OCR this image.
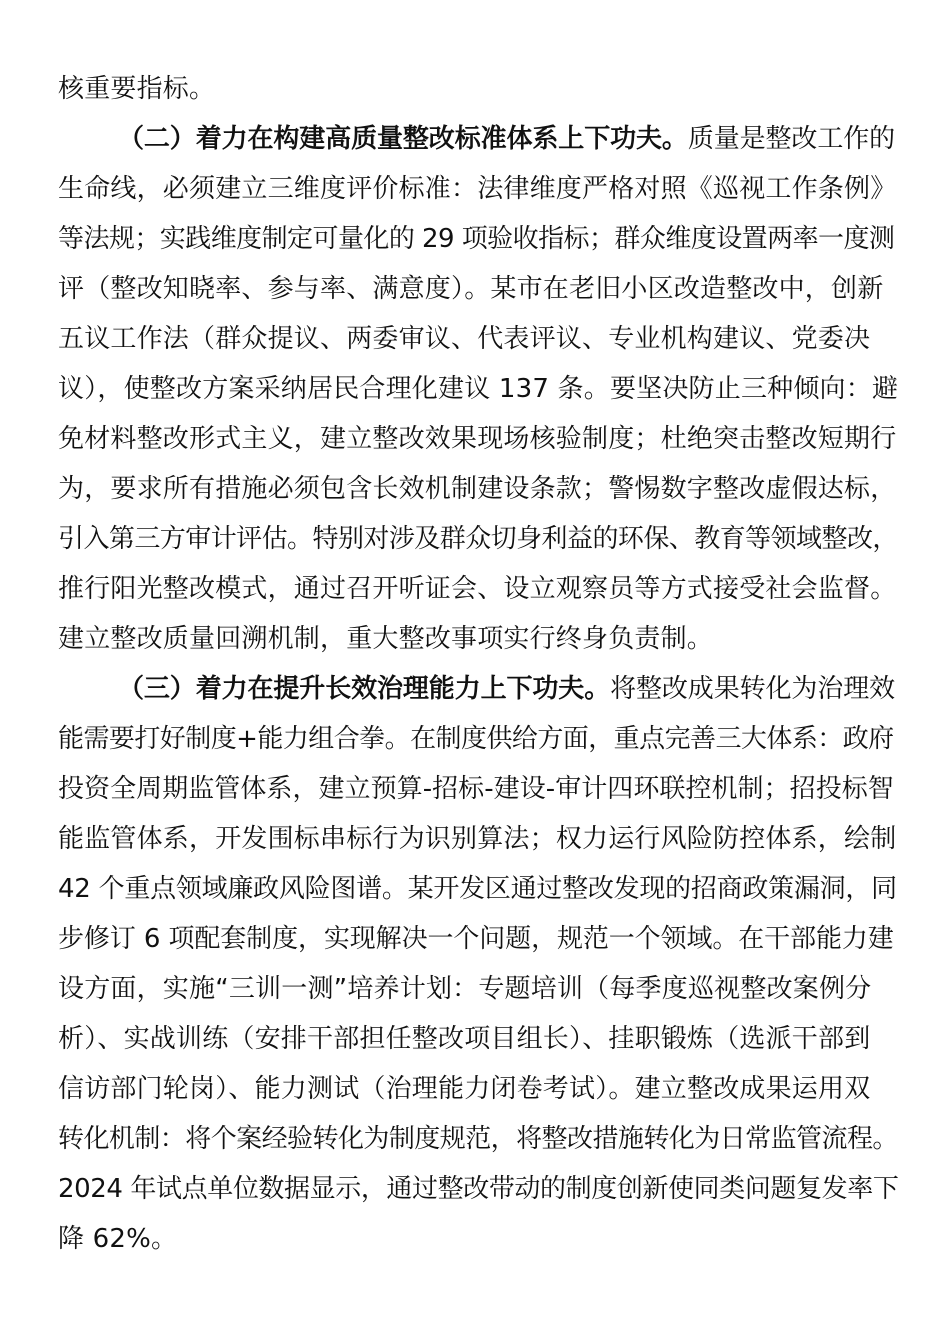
核重要指标。
（二）着力在构建高质量整改标准体系上下功夫。质量是整改工作的
生命线，必须建立三维度评价标准：法律维度严格对照《巡视工作条例》
等法规；实践维度制定可量化的 29 项验收指标；群众维度设置两率一度测
评（整改知晓率、参与率、满意度）。某市在老旧小区改造整改中，创新
五议工作法（群众提议、两委审议、代表评议、专业机构建议、党委决
议），使整改方案采纳居民合理化建议 137 条。要坚决防止三种倾向：避
免材料整改形式主义，建立整改效果现场核验制度；杜绝突击整改短期行
为，要求所有措施必须包含长效机制建设条款；警惕数字整改虚假达标，
引入第三方审计评估。特别对涉及群众切身利益的环保、教育等领域整改，
推行阳光整改模式，通过召开听证会、设立观察员等方式接受社会监督。
建立整改质量回溯机制，重大整改事项实行终身负责制。
（三）着力在提升长效治理能力上下功夫。将整改成果转化为治理效
能需要打好制度+能力组合拳。在制度供给方面，重点完善三大体系：政府
投资全周期监管体系，建立预算-招标-建设-审计四环联控机制；招投标智
能监管体系，开发围标串标行为识别算法；权力运行风险防控体系，绘制
42 个重点领域廉政风险图谱。某开发区通过整改发现的招商政策漏洞，同
步修订 6 项配套制度，实现解决一个问题，规范一个领域。在干部能力建
设方面，实施“三训一测”培养计划：专题培训（每季度巡视整改案例分
析）、实战训练（安排干部担任整改项目组长）、挂职锻炼（选派干部到
信访部门轮岗）、能力测试（治理能力闭卷考试）。建立整改成果运用双
转化机制：将个案经验转化为制度规范，将整改措施转化为日常监管流程。
2024 年试点单位数据显示，通过整改带动的制度创新使同类问题复发率下
降 62%。
